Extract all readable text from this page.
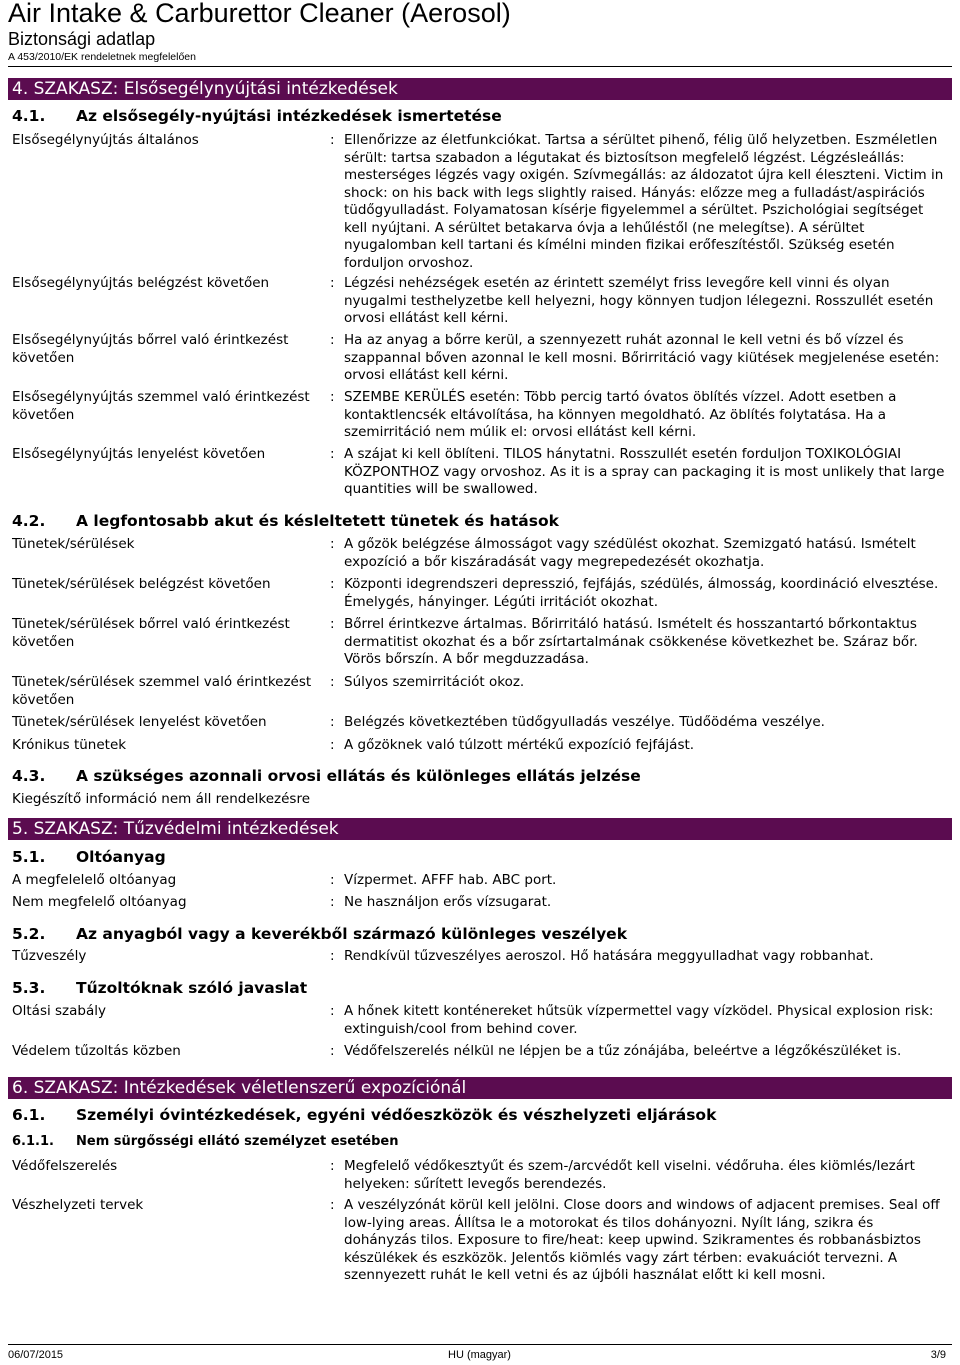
Air Intake & Carburettor Cleaner (Aerosol)
Biztonsági adatlap
A 453/2010/EK rendeletnek megfelelően
4. SZAKASZ: Elsősegélynyújtási intézkedések
4.1. Az elsősegély-nyújtási intézkedések ismertetése
Elsősegélynyújtás általános	: Ellenőrizze az életfunkciókat. Tartsa a sérültet pihenő, félig ülő helyzetben. Eszméletlen sérült: tartsa szabadon a légutakat és biztosítson megfelelő légzést. Légzésleállás: mesterséges légzés vagy oxigén. Szívmegállás: az áldozatot újra kell éleszteni. Victim in shock: on his back with legs slightly raised. Hányás: előzze meg a fulladást/aspirációs tüdőgyulladást. Folyamatosan kísérje figyelemmel a sérültet. Pszichológiai segítséget kell nyújtani. A sérültet betakarva óvja a lehűléstől (ne melegítse). A sérültet nyugalomban kell tartani és kímélni minden fizikai erőfeszítéstől. Szükség esetén forduljon orvoshoz.
Elsősegélynyújtás belégzést követően	: Légzési nehézségek esetén az érintett személyt friss levegőre kell vinni és olyan nyugalmi testhelyzetbe kell helyezni, hogy könnyen tudjon lélegezni. Rosszullét esetén orvosi ellátást kell kérni.
Elsősegélynyújtás bőrrel való érintkezést követően
: Ha az anyag a bőrre kerül, a szennyezett ruhát azonnal le kell vetni és bő vízzel és szappannal bőven azonnal le kell mosni. Bőrirritáció vagy kiütések megjelenése esetén: orvosi ellátást kell kérni.
Elsősegélynyújtás szemmel való érintkezést követően
: SZEMBE KERÜLÉS esetén: Több percig tartó óvatos öblítés vízzel. Adott esetben a kontaktlencsék eltávolítása, ha könnyen megoldható. Az öblítés folytatása. Ha a szemirritáció nem múlik el: orvosi ellátást kell kérni.
Elsősegélynyújtás lenyelést követően	: A szájat ki kell öblíteni. TILOS hánytatni. Rosszullét esetén forduljon TOXIKOLÓGIAI KÖZPONTHOZ vagy orvoshoz. As it is a spray can packaging it is most unlikely that large quantities will be swallowed.
4.2. A legfontosabb akut és késleltetett tünetek és hatások
Tünetek/sérülések	: A gőzök belégzése álmosságot vagy szédülést okozhat. Szemizgató hatású. Ismételt expozíció a bőr kiszáradását vagy megrepedezését okozhatja.
Tünetek/sérülések belégzést követően	: Központi idegrendszeri depresszió, fejfájás, szédülés, álmosság, koordináció elvesztése. Émelygés, hányinger. Légúti irritációt okozhat.
Tünetek/sérülések bőrrel való érintkezést követően
: Bőrrel érintkezve ártalmas. Bőrirritáló hatású. Ismételt és hosszantartó bőrkontaktus dermatitist okozhat és a bőr zsírtartalmának csökkenése következhet be. Száraz bőr. Vörös bőrszín. A bőr megduzzadása.
Tünetek/sérülések szemmel való érintkezést követően
: Súlyos szemirritációt okoz.
Tünetek/sérülések lenyelést követően	: Belégzés következtében tüdőgyulladás veszélye. Tüdőödéma veszélye.
Krónikus tünetek	: A gőzöknek való túlzott mértékű expozíció fejfájást.
4.3. A szükséges azonnali orvosi ellátás és különleges ellátás jelzése
Kiegészítő információ nem áll rendelkezésre
5. SZAKASZ: Tűzvédelmi intézkedések
5.1. Oltóanyag
A megfelelelő oltóanyag	: Vízpermet. AFFF hab. ABC port.
Nem megfelelő oltóanyag	: Ne használjon erős vízsugarat.
5.2. Az anyagból vagy a keverékből származó különleges veszélyek
Tűzveszély	: Rendkívül tűzveszélyes aeroszol. Hő hatására meggyulladhat vagy robbanhat.
5.3. Tűzoltóknak szóló javaslat
Oltási szabály	: A hőnek kitett konténereket hűtsük vízpermettel vagy vízködel. Physical explosion risk: extinguish/cool from behind cover.
Védelem tűzoltás közben	: Védőfelszerelés nélkül ne lépjen be a tűz zónájába, beleértve a légzőkészüléket is.
6. SZAKASZ: Intézkedések véletlenszerű expozíciónál
6.1. Személyi óvintézkedések, egyéni védőeszközök és vészhelyzeti eljárások
6.1.1. Nem sürgősségi ellátó személyzet esetében
Védőfelszerelés	: Megfelelő védőkesztyűt és szem-/arcvédőt kell viselni. védőruha. éles kiömlés/lezárt helyeken: sűrített levegős berendezés.
Vészhelyzeti tervek	: A veszélyzónát körül kell jelölni. Close doors and windows of adjacent premises. Seal off low-lying areas. Állítsa le a motorokat és tilos dohányozni. Nyílt láng, szikra és dohányzás tilos. Exposure to fire/heat: keep upwind. Szikramentes és robbanásbiztos készülékek és eszközök. Jelentős kiömlés vagy zárt térben: evakuációt tervezni. A szennyezett ruhát le kell vetni és az újbóli használat előtt ki kell mosni.
06/07/2015	HU (magyar)	3/9
